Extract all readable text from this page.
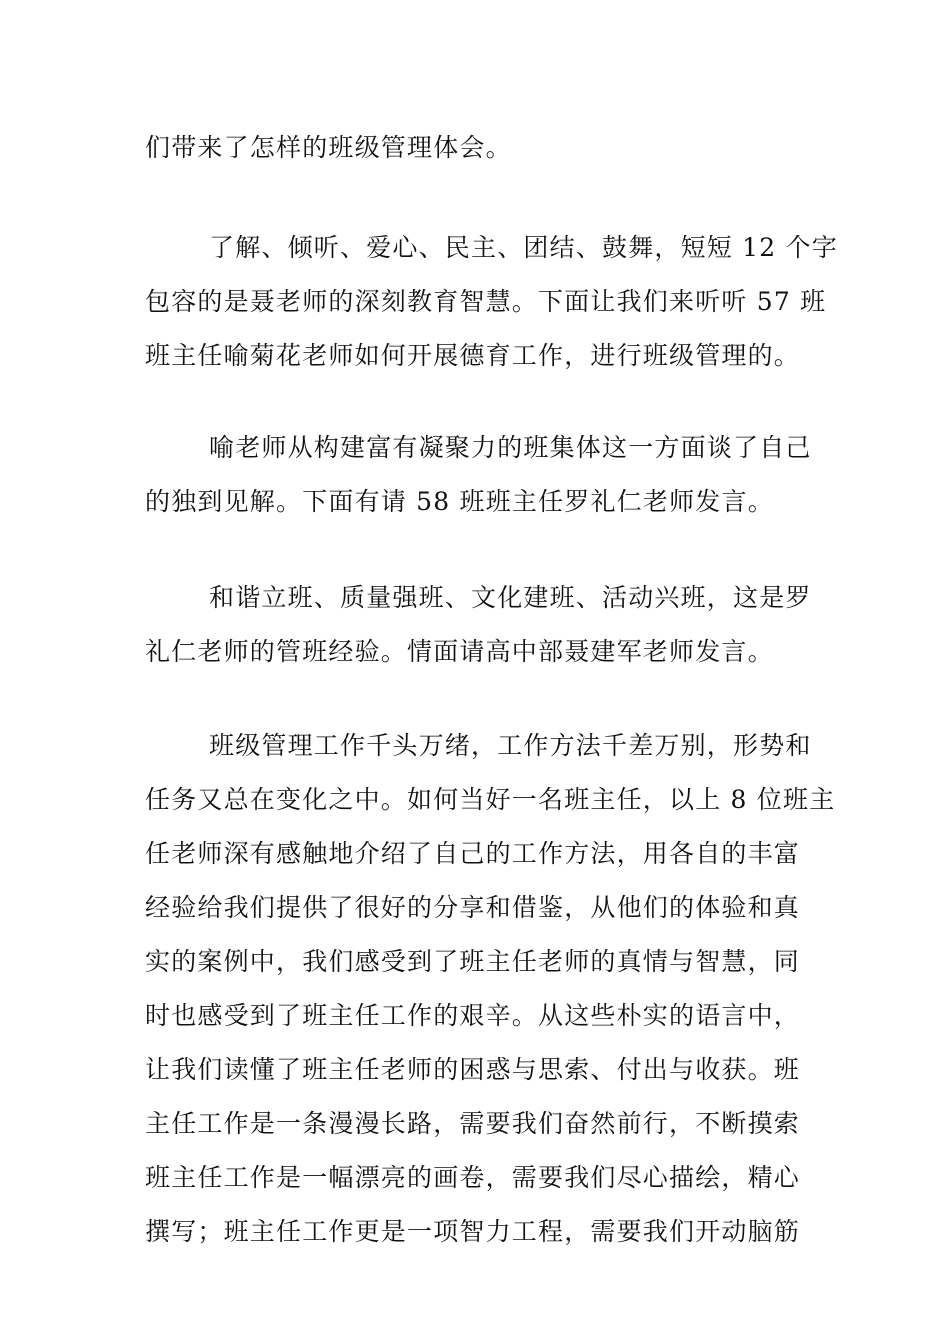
们带来了怎样的班级管理体会。
了解、倾听、爱心、民主、团结、鼓舞，短短 12 个字
包容的是聂老师的深刻教育智慧。下面让我们来听听 57 班
班主任喻菊花老师如何开展德育工作，进行班级管理的。
喻老师从构建富有凝聚力的班集体这一方面谈了自己
的独到见解。下面有请 58 班班主任罗礼仁老师发言。
和谐立班、质量强班、文化建班、活动兴班，这是罗
礼仁老师的管班经验。情面请高中部聂建军老师发言。
班级管理工作千头万绪，工作方法千差万别，形势和
任务又总在变化之中。如何当好一名班主任，以上 8 位班主
任老师深有感触地介绍了自己的工作方法，用各自的丰富
经验给我们提供了很好的分享和借鉴，从他们的体验和真
实的案例中，我们感受到了班主任老师的真情与智慧，同
时也感受到了班主任工作的艰辛。从这些朴实的语言中，
让我们读懂了班主任老师的困惑与思索、付出与收获。班
主任工作是一条漫漫长路，需要我们奋然前行，不断摸索
班主任工作是一幅漂亮的画卷，需要我们尽心描绘，精心
撰写；班主任工作更是一项智力工程，需要我们开动脑筋
